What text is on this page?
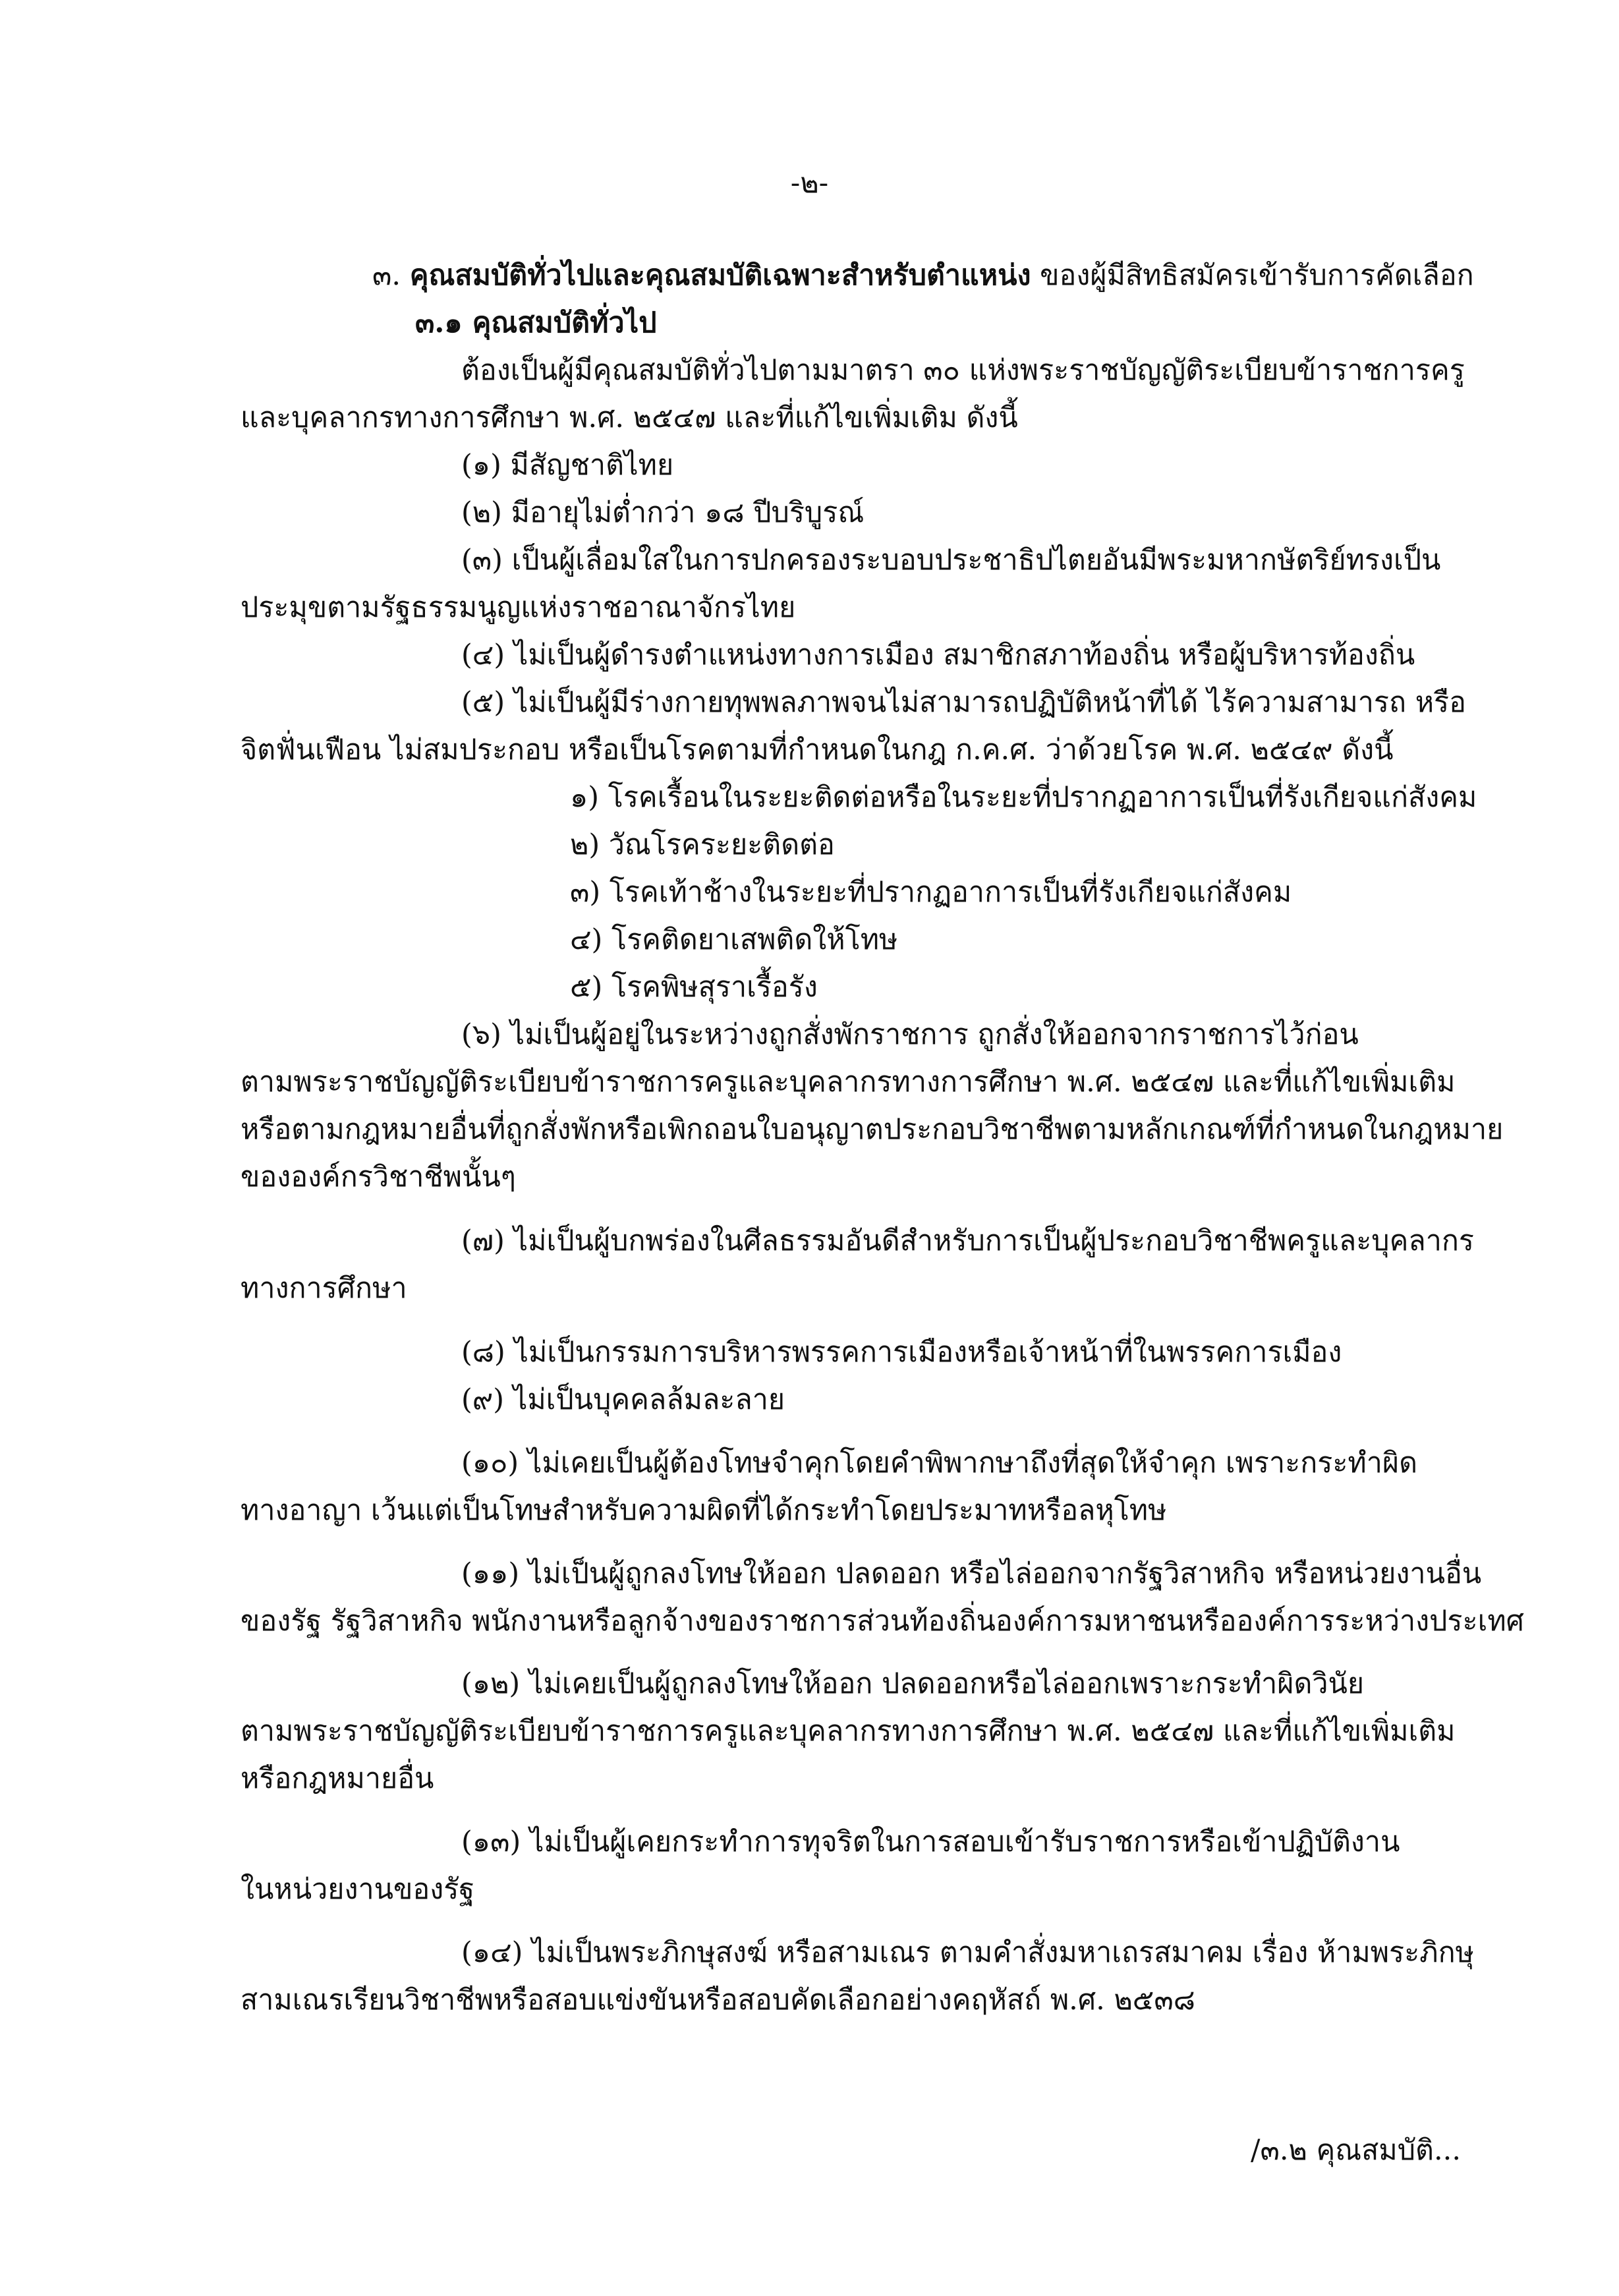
-๒-
๓. คุณสมบัติทั่วไปและคุณสมบัติเฉพาะสำหรับตำแหน่ง ของผู้มีสิทธิสมัครเข้ารับการคัดเลือก
๓.๑ คุณสมบัติทั่วไป
ต้องเป็นผู้มีคุณสมบัติทั่วไปตามมาตรา ๓๐ แห่งพระราชบัญญัติระเบียบข้าราชการครู
และบุคลากรทางการศึกษา พ.ศ. ๒๕๔๗ และที่แก้ไขเพิ่มเติม ดังนี้
(๑) มีสัญชาติไทย
(๒) มีอายุไม่ต่ำกว่า ๑๘ ปีบริบูรณ์
(๓) เป็นผู้เลื่อมใสในการปกครองระบอบประชาธิปไตยอันมีพระมหากษัตริย์ทรงเป็น
ประมุขตามรัฐธรรมนูญแห่งราชอาณาจักรไทย
(๔) ไม่เป็นผู้ดำรงตำแหน่งทางการเมือง สมาชิกสภาท้องถิ่น หรือผู้บริหารท้องถิ่น
(๕) ไม่เป็นผู้มีร่างกายทุพพลภาพจนไม่สามารถปฏิบัติหน้าที่ได้ ไร้ความสามารถ หรือ
จิตฟั่นเฟือน ไม่สมประกอบ หรือเป็นโรคตามที่กำหนดในกฎ ก.ค.ศ. ว่าด้วยโรค พ.ศ. ๒๕๔๙ ดังนี้
๑) โรคเรื้อนในระยะติดต่อหรือในระยะที่ปรากฏอาการเป็นที่รังเกียจแก่สังคม
๒) วัณโรคระยะติดต่อ
๓) โรคเท้าช้างในระยะที่ปรากฏอาการเป็นที่รังเกียจแก่สังคม
๔) โรคติดยาเสพติดให้โทษ
๕) โรคพิษสุราเรื้อรัง
(๖) ไม่เป็นผู้อยู่ในระหว่างถูกสั่งพักราชการ ถูกสั่งให้ออกจากราชการไว้ก่อน
ตามพระราชบัญญัติระเบียบข้าราชการครูและบุคลากรทางการศึกษา พ.ศ. ๒๕๔๗ และที่แก้ไขเพิ่มเติม
หรือตามกฎหมายอื่นที่ถูกสั่งพักหรือเพิกถอนใบอนุญาตประกอบวิชาชีพตามหลักเกณฑ์ที่กำหนดในกฎหมาย
ขององค์กรวิชาชีพนั้นๆ
(๗) ไม่เป็นผู้บกพร่องในศีลธรรมอันดีสำหรับการเป็นผู้ประกอบวิชาชีพครูและบุคลากร
ทางการศึกษา
(๘) ไม่เป็นกรรมการบริหารพรรคการเมืองหรือเจ้าหน้าที่ในพรรคการเมือง
(๙) ไม่เป็นบุคคลล้มละลาย
(๑๐) ไม่เคยเป็นผู้ต้องโทษจำคุกโดยคำพิพากษาถึงที่สุดให้จำคุก เพราะกระทำผิด
ทางอาญา เว้นแต่เป็นโทษสำหรับความผิดที่ได้กระทำโดยประมาทหรือลหุโทษ
(๑๑) ไม่เป็นผู้ถูกลงโทษให้ออก ปลดออก หรือไล่ออกจากรัฐวิสาหกิจ หรือหน่วยงานอื่น
ของรัฐ รัฐวิสาหกิจ พนักงานหรือลูกจ้างของราชการส่วนท้องถิ่นองค์การมหาชนหรือองค์การระหว่างประเทศ
(๑๒) ไม่เคยเป็นผู้ถูกลงโทษให้ออก ปลดออกหรือไล่ออกเพราะกระทำผิดวินัย
ตามพระราชบัญญัติระเบียบข้าราชการครูและบุคลากรทางการศึกษา พ.ศ. ๒๕๔๗ และที่แก้ไขเพิ่มเติม
หรือกฎหมายอื่น
(๑๓) ไม่เป็นผู้เคยกระทำการทุจริตในการสอบเข้ารับราชการหรือเข้าปฏิบัติงาน
ในหน่วยงานของรัฐ
(๑๔) ไม่เป็นพระภิกษุสงฆ์ หรือสามเณร ตามคำสั่งมหาเถรสมาคม เรื่อง ห้ามพระภิกษุ
สามเณรเรียนวิชาชีพหรือสอบแข่งขันหรือสอบคัดเลือกอย่างคฤหัสถ์ พ.ศ. ๒๕๓๘
/๓.๒ คุณสมบัติ...
